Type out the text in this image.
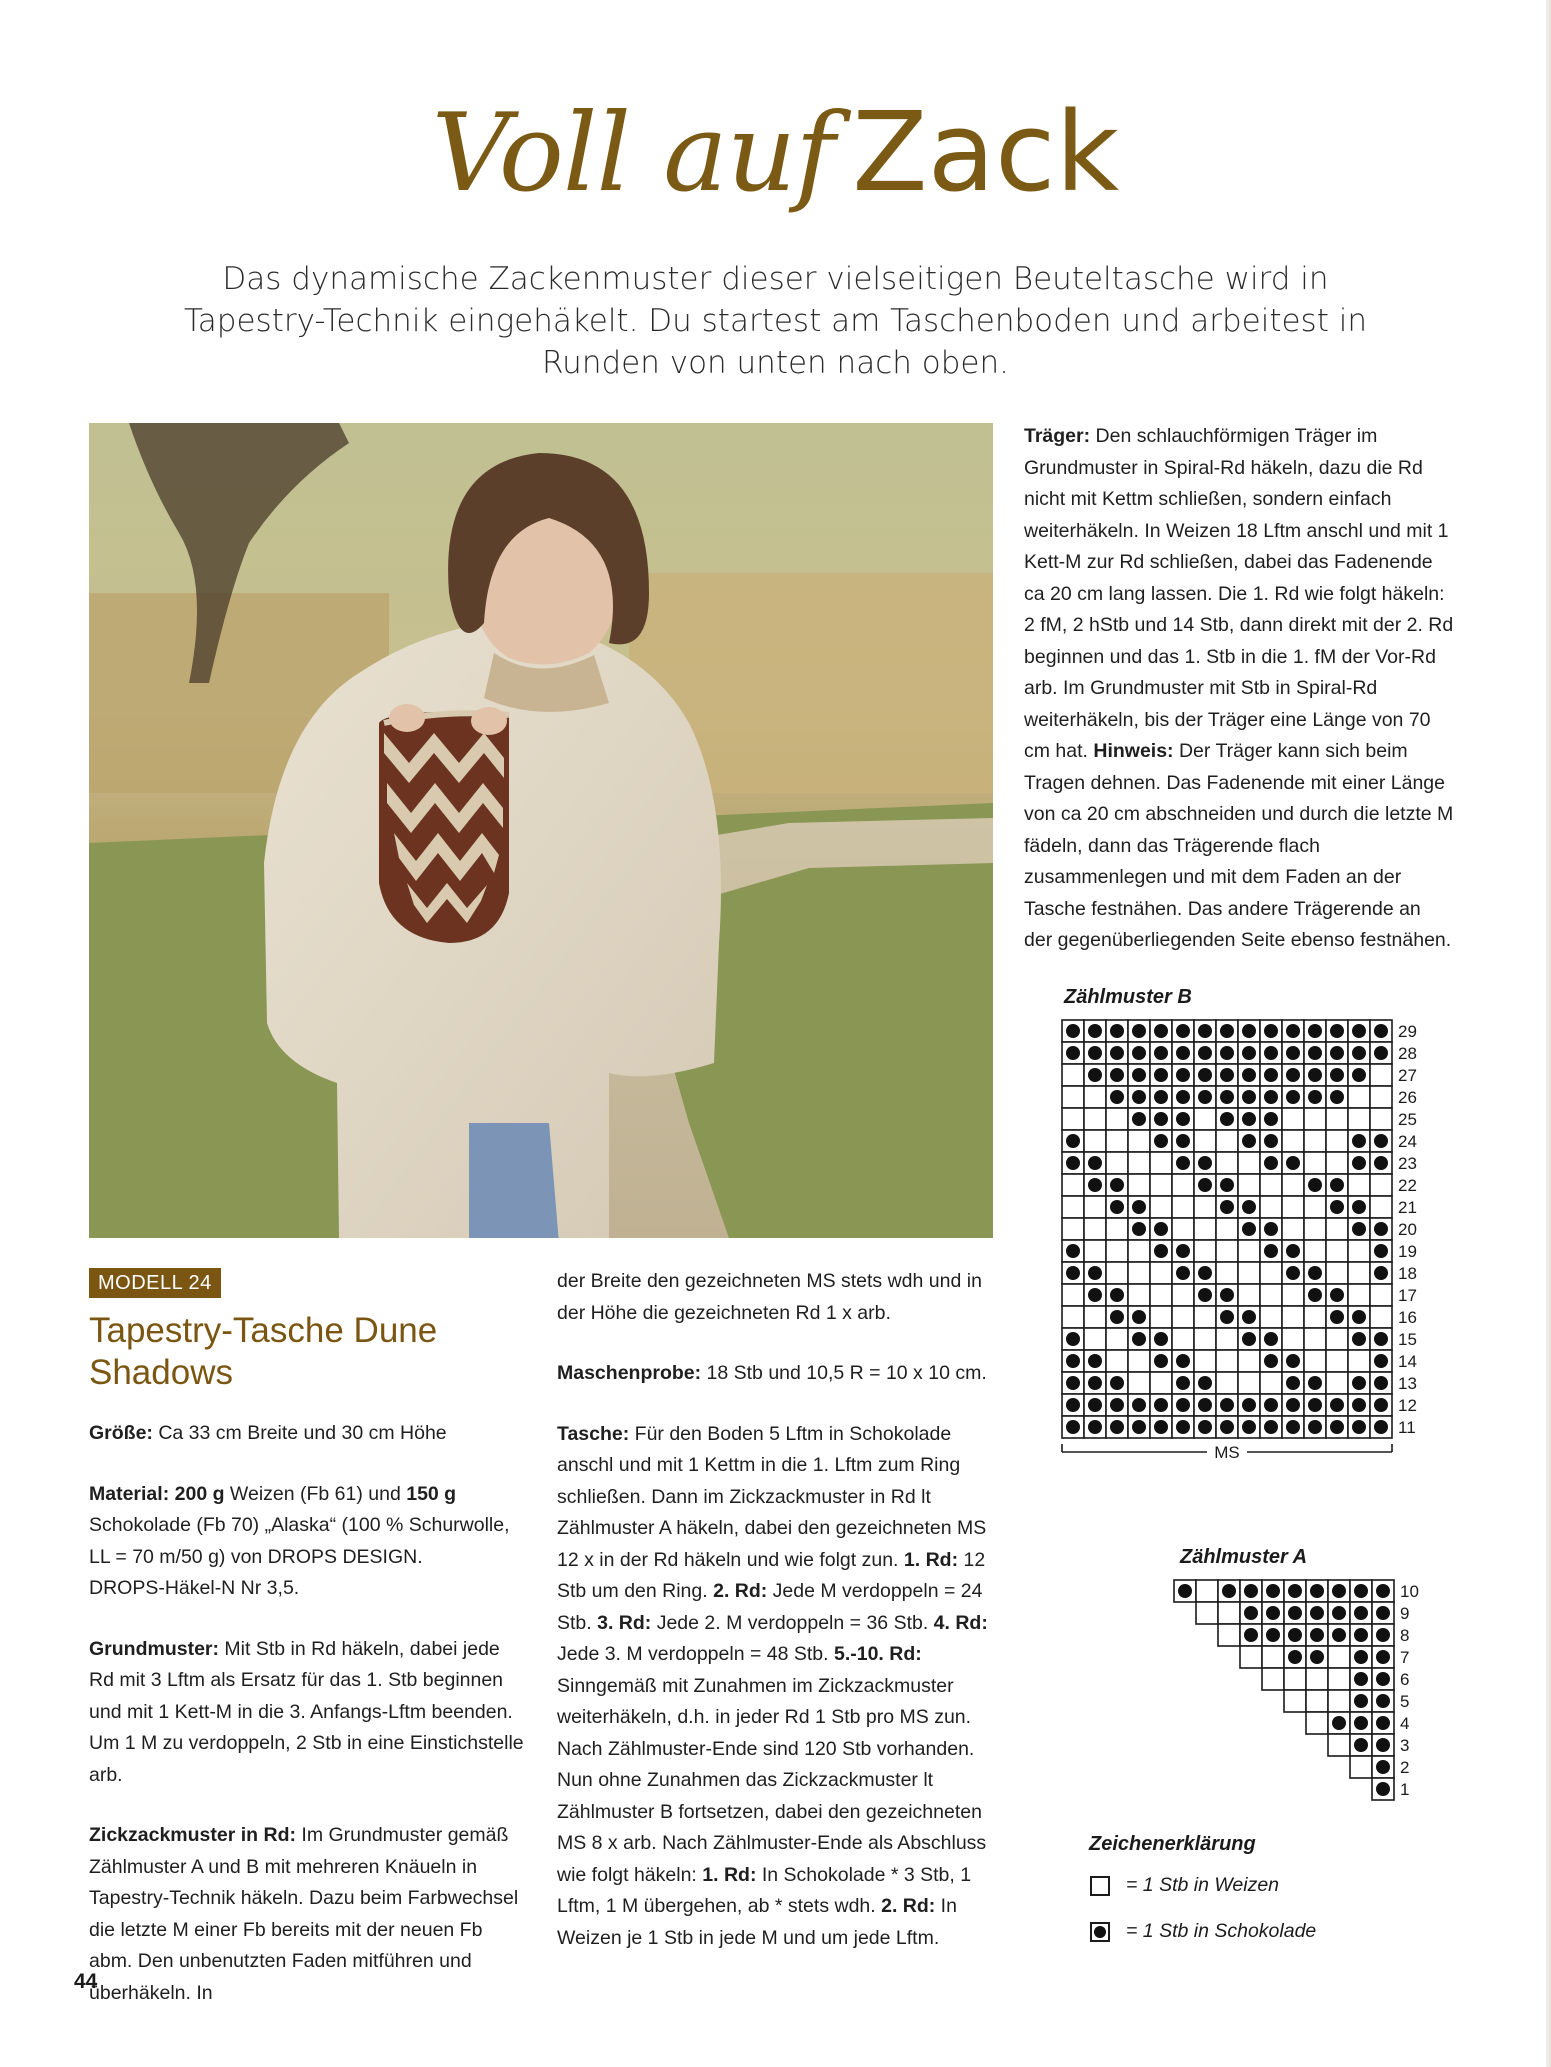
Voll auf Zack
Das dynamische Zackenmuster dieser vielseitigen Beuteltasche wird in Tapestry-Technik eingehäkelt. Du startest am Taschenboden und arbeitest in Runden von unten nach oben.

Träger: Den schlauchförmigen Träger im Grundmuster in Spiral-Rd häkeln, dazu die Rd nicht mit Kettm schließen, sondern einfach weiterhäkeln. In Weizen 18 Lftm anschl und mit 1 Kett-M zur Rd schließen, dabei das Fadenende ca 20 cm lang lassen. Die 1. Rd wie folgt häkeln: 2 fM, 2 hStb und 14 Stb, dann direkt mit der 2. Rd beginnen und das 1. Stb in die 1. fM der Vor-Rd arb. Im Grundmuster mit Stb in Spiral-Rd weiterhäkeln, bis der Träger eine Länge von 70 cm hat. Hinweis: Der Träger kann sich beim Tragen dehnen. Das Fadenende mit einer Länge von ca 20 cm abschneiden und durch die letzte M fädeln, dann das Trägerende flach zusammenlegen und mit dem Faden an der Tasche festnähen. Das andere Trägerende an der gegenüberliegenden Seite ebenso festnähen.

MODELL 24
Tapestry-Tasche Dune Shadows

Größe: Ca 33 cm Breite und 30 cm Höhe

Material: 200 g Weizen (Fb 61) und 150 g Schokolade (Fb 70) „Alaska“ (100 % Schurwolle, LL = 70 m/50 g) von DROPS DESIGN.
DROPS-Häkel-N Nr 3,5.

Grundmuster: Mit Stb in Rd häkeln, dabei jede Rd mit 3 Lftm als Ersatz für das 1. Stb beginnen und mit 1 Kett-M in die 3. Anfangs-Lftm beenden. Um 1 M zu verdoppeln, 2 Stb in eine Einstichstelle arb.

Zickzackmuster in Rd: Im Grundmuster gemäß Zählmuster A und B mit mehreren Knäueln in Tapestry-Technik häkeln. Dazu beim Farbwechsel die letzte M einer Fb bereits mit der neuen Fb abm. Den unbenutzten Faden mitführen und überhäkeln. In

der Breite den gezeichneten MS stets wdh und in der Höhe die gezeichneten Rd 1 x arb.

Maschenprobe: 18 Stb und 10,5 R = 10 x 10 cm.

Tasche: Für den Boden 5 Lftm in Schokolade anschl und mit 1 Kettm in die 1. Lftm zum Ring schließen. Dann im Zickzackmuster in Rd lt Zählmuster A häkeln, dabei den gezeichneten MS 12 x in der Rd häkeln und wie folgt zun. 1. Rd: 12 Stb um den Ring. 2. Rd: Jede M verdoppeln = 24 Stb. 3. Rd: Jede 2. M verdoppeln = 36 Stb. 4. Rd: Jede 3. M verdoppeln = 48 Stb. 5.-10. Rd: Sinngemäß mit Zunahmen im Zickzackmuster weiterhäkeln, d.h. in jeder Rd 1 Stb pro MS zun. Nach Zählmuster-Ende sind 120 Stb vorhanden. Nun ohne Zunahmen das Zickzackmuster lt Zählmuster B fortsetzen, dabei den gezeichneten MS 8 x arb. Nach Zählmuster-Ende als Abschluss wie folgt häkeln: 1. Rd: In Schokolade * 3 Stb, 1 Lftm, 1 M übergehen, ab * stets wdh. 2. Rd: In Weizen je 1 Stb in jede M und um jede Lftm.

Zählmuster B
29
28
27
26
25
24
23
22
21
20
19
18
17
16
15
14
13
12
11
MS
Zählmuster A
10
9
8
7
6
5
4
3
2
1
Zeichenerklärung
= 1 Stb in Weizen
= 1 Stb in Schokolade
44
